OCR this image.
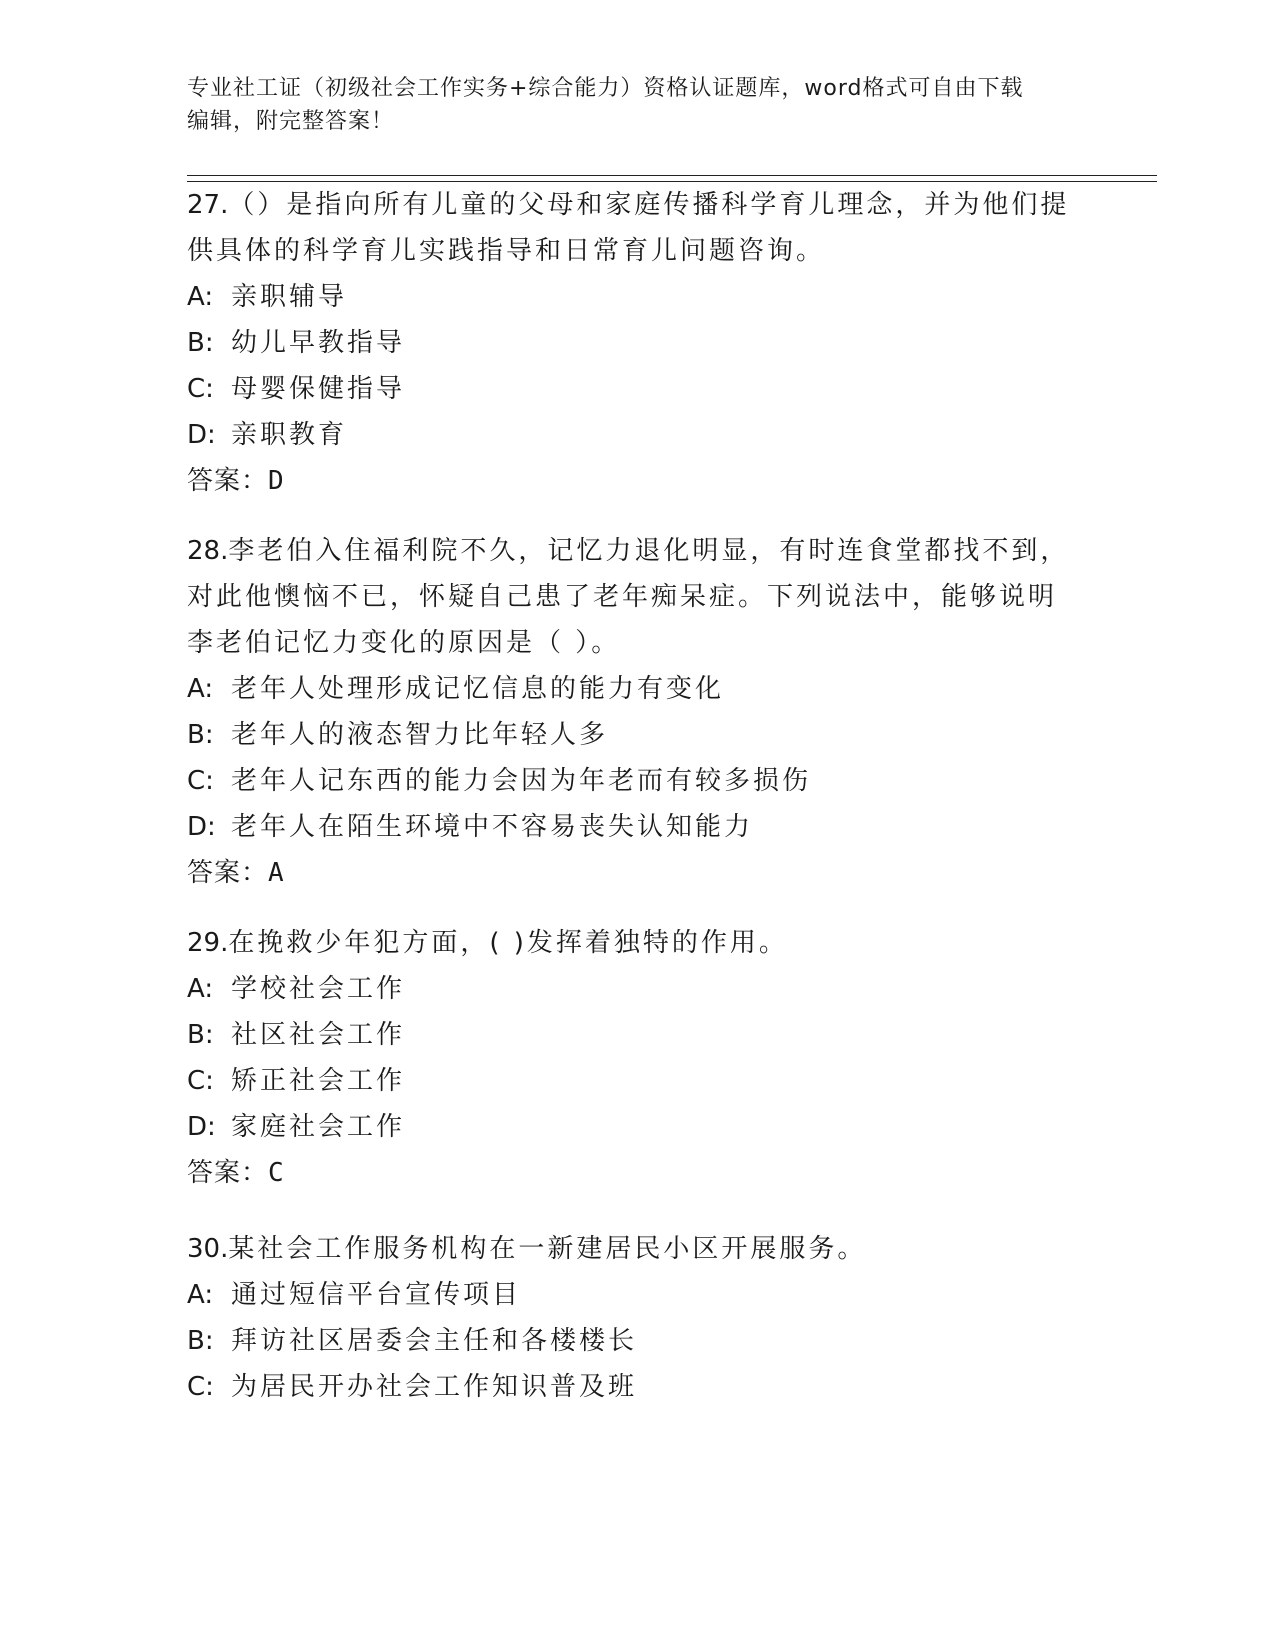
专业社工证（初级社会工作实务+综合能力）资格认证题库，word格式可自由下载
编辑，附完整答案！
27.（）是指向所有儿童的父母和家庭传播科学育儿理念，并为他们提
供具体的科学育儿实践指导和日常育儿问题咨询。
A: 亲职辅导
B: 幼儿早教指导
C: 母婴保健指导
D: 亲职教育
答案：D
28.李老伯入住福利院不久，记忆力退化明显，有时连食堂都找不到，
对此他懊恼不已，怀疑自己患了老年痴呆症。下列说法中，能够说明
李老伯记忆力变化的原因是（ ）。
A: 老年人处理形成记忆信息的能力有变化
B: 老年人的液态智力比年轻人多
C: 老年人记东西的能力会因为年老而有较多损伤
D: 老年人在陌生环境中不容易丧失认知能力
答案：A
29.在挽救少年犯方面，( )发挥着独特的作用。
A: 学校社会工作
B: 社区社会工作
C: 矫正社会工作
D: 家庭社会工作
答案：C
30.某社会工作服务机构在一新建居民小区开展服务。
A: 通过短信平台宣传项目
B: 拜访社区居委会主任和各楼楼长
C: 为居民开办社会工作知识普及班
